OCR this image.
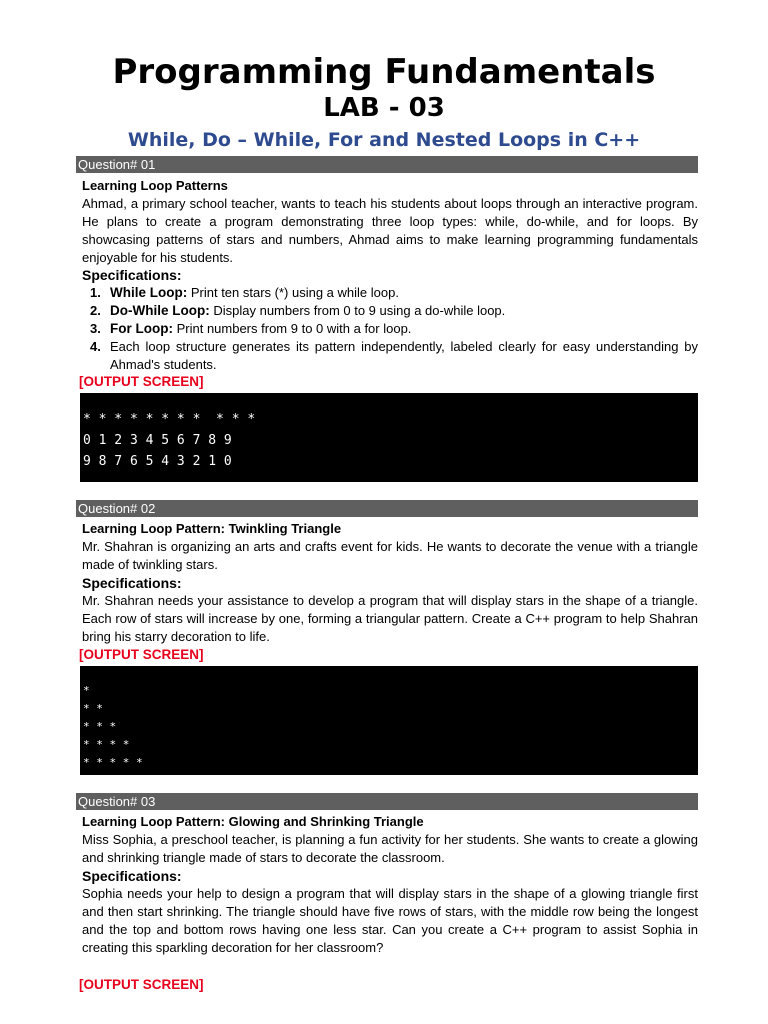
Programming Fundamentals
LAB - 03
While, Do – While, For and Nested Loops in C++
Question# 01
Learning Loop Patterns
Ahmad, a primary school teacher, wants to teach his students about loops through an interactive program. He plans to create a program demonstrating three loop types: while, do-while, and for loops. By showcasing patterns of stars and numbers, Ahmad aims to make learning programming fundamentals enjoyable for his students.
Specifications:
1. While Loop: Print ten stars (*) using a while loop.
2. Do-While Loop: Display numbers from 0 to 9 using a do-while loop.
3. For Loop: Print numbers from 9 to 0 with a for loop.
4. Each loop structure generates its pattern independently, labeled clearly for easy understanding by Ahmad's students.
[OUTPUT SCREEN]
* * * * * * * *  * * *
0 1 2 3 4 5 6 7 8 9
9 8 7 6 5 4 3 2 1 0
Question# 02
Learning Loop Pattern: Twinkling Triangle
Mr. Shahran is organizing an arts and crafts event for kids. He wants to decorate the venue with a triangle made of twinkling stars.
Specifications:
Mr. Shahran needs your assistance to develop a program that will display stars in the shape of a triangle. Each row of stars will increase by one, forming a triangular pattern. Create a C++ program to help Shahran bring his starry decoration to life.
[OUTPUT SCREEN]
*
* *
* * *
* * * *
* * * * *
Question# 03
Learning Loop Pattern: Glowing and Shrinking Triangle
Miss Sophia, a preschool teacher, is planning a fun activity for her students. She wants to create a glowing and shrinking triangle made of stars to decorate the classroom.
Specifications:
Sophia needs your help to design a program that will display stars in the shape of a glowing triangle first and then start shrinking. The triangle should have five rows of stars, with the middle row being the longest and the top and bottom rows having one less star. Can you create a C++ program to assist Sophia in creating this sparkling decoration for her classroom?
[OUTPUT SCREEN]
